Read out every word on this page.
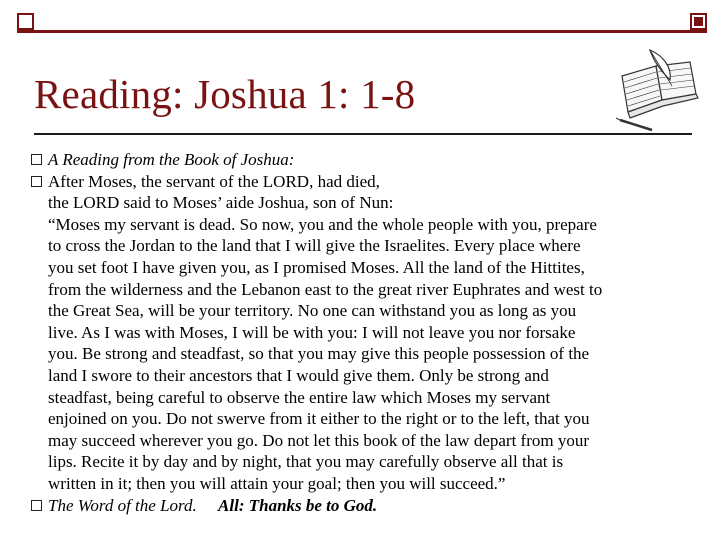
Reading: Joshua 1: 1-8
A Reading from the Book of Joshua:
After Moses, the servant of the LORD, had died,
the LORD said to Moses’ aide Joshua, son of Nun:
“Moses my servant is dead. So now, you and the whole people with you, prepare
to cross the Jordan to the land that I will give the Israelites. Every place where
you set foot I have given you, as I promised Moses. All the land of the Hittites,
from the wilderness and the Lebanon east to the great river Euphrates and west to
the Great Sea, will be your territory. No one can withstand you as long as you
live. As I was with Moses, I will be with you: I will not leave you nor forsake
you. Be strong and steadfast, so that you may give this people possession of the
land I swore to their ancestors that I would give them. Only be strong and
steadfast, being careful to observe the entire law which Moses my servant
enjoined on you. Do not swerve from it either to the right or to the left, that you
may succeed wherever you go. Do not let this book of the law depart from your
lips. Recite it by day and by night, that you may carefully observe all that is
written in it; then you will attain your goal; then you will succeed.”
The Word of the Lord. All: Thanks be to God.
